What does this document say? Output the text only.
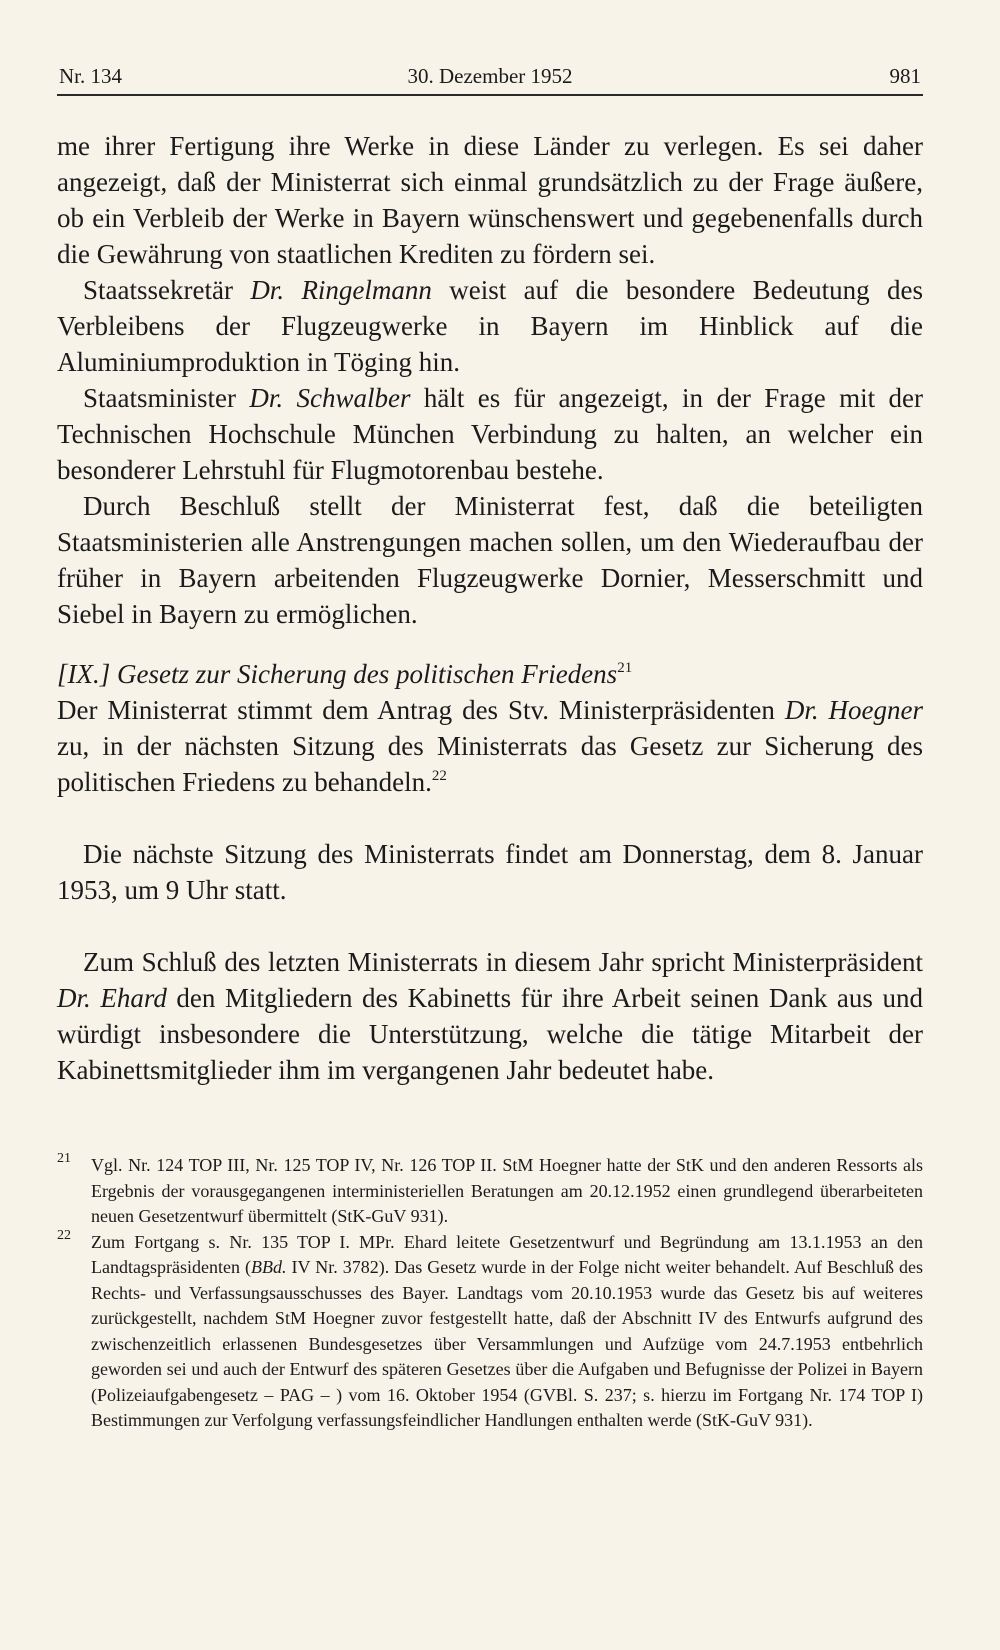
Nr. 134	30. Dezember 1952	981

me ihrer Fertigung ihre Werke in diese Länder zu verlegen. Es sei daher angezeigt, daß der Ministerrat sich einmal grundsätzlich zu der Frage äußere, ob ein Verbleib der Werke in Bayern wünschenswert und gegebenenfalls durch die Gewährung von staatlichen Krediten zu fördern sei.

Staatssekretär Dr. Ringelmann weist auf die besondere Bedeutung des Verbleibens der Flugzeugwerke in Bayern im Hinblick auf die Aluminiumproduktion in Töging hin.

Staatsminister Dr. Schwalber hält es für angezeigt, in der Frage mit der Technischen Hochschule München Verbindung zu halten, an welcher ein besonderer Lehrstuhl für Flugmotorenbau bestehe.

Durch Beschluß stellt der Ministerrat fest, daß die beteiligten Staatsministerien alle Anstrengungen machen sollen, um den Wiederaufbau der früher in Bayern arbeitenden Flugzeugwerke Dornier, Messerschmitt und Siebel in Bayern zu ermöglichen.

[IX.] Gesetz zur Sicherung des politischen Friedens$^{21}$

Der Ministerrat stimmt dem Antrag des Stv. Ministerpräsidenten Dr. Hoegner zu, in der nächsten Sitzung des Ministerrats das Gesetz zur Sicherung des politischen Friedens zu behandeln.$^{22}$

Die nächste Sitzung des Ministerrats findet am Donnerstag, dem 8. Januar 1953, um 9 Uhr statt.

Zum Schluß des letzten Ministerrats in diesem Jahr spricht Ministerpräsident Dr. Ehard den Mitgliedern des Kabinetts für ihre Arbeit seinen Dank aus und würdigt insbesondere die Unterstützung, welche die tätige Mitarbeit der Kabinettsmitglieder ihm im vergangenen Jahr bedeutet habe.

21 Vgl. Nr. 124 TOP III, Nr. 125 TOP IV, Nr. 126 TOP II. StM Hoegner hatte der StK und den anderen Ressorts als Ergebnis der vorausgegangenen interministeriellen Beratungen am 20.12.1952 einen grundlegend überarbeiteten neuen Gesetzentwurf übermittelt (StK-GuV 931).

22 Zum Fortgang s. Nr. 135 TOP I. MPr. Ehard leitete Gesetzentwurf und Begründung am 13.1.1953 an den Landtagspräsidenten (BBd. IV Nr. 3782). Das Gesetz wurde in der Folge nicht weiter behandelt. Auf Beschluß des Rechts- und Verfassungsausschusses des Bayer. Landtags vom 20.10.1953 wurde das Gesetz bis auf weiteres zurückgestellt, nachdem StM Hoegner zuvor festgestellt hatte, daß der Abschnitt IV des Entwurfs aufgrund des zwischenzeitlich erlassenen Bundesgesetzes über Versammlungen und Aufzüge vom 24.7.1953 entbehrlich geworden sei und auch der Entwurf des späteren Gesetzes über die Aufgaben und Befugnisse der Polizei in Bayern (Polizeiaufgabengesetz – PAG – ) vom 16. Oktober 1954 (GVBl. S. 237; s. hierzu im Fortgang Nr. 174 TOP I) Bestimmungen zur Verfolgung verfassungsfeindlicher Handlungen enthalten werde (StK-GuV 931).
